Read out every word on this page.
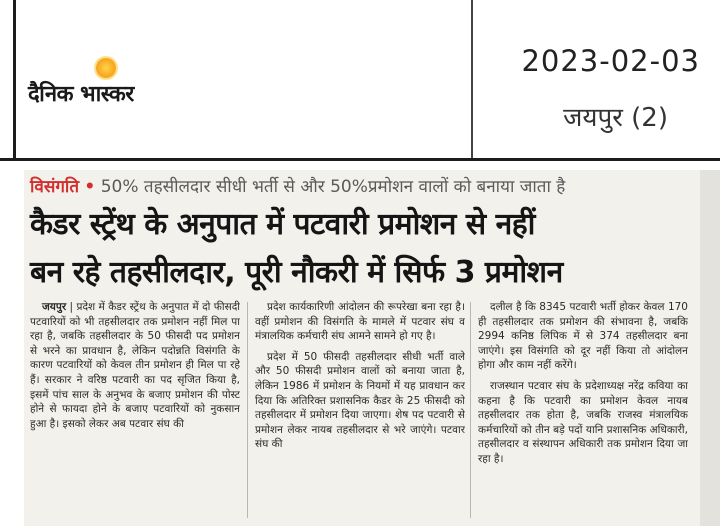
दैनिक भास्कर
2023-02-03
जयपुर (2)
विसंगति • 50% तहसीलदार सीधी भर्ती से और 50%प्रमोशन वालों को बनाया जाता है
कैडर स्ट्रेंथ के अनुपात में पटवारी प्रमोशन से नहीं
बन रहे तहसीलदार, पूरी नौकरी में सिर्फ 3 प्रमोशन

जयपुर | प्रदेश में कैडर स्ट्रेंथ के अनुपात में दो फीसदी पटवारियों को भी तहसीलदार तक प्रमोशन नहीं मिल पा रहा है, जबकि तहसीलदार के 50 फीसदी पद प्रमोशन से भरने का प्रावधान है, लेकिन पदोन्नति विसंगति के कारण पटवारियों को केवल तीन प्रमोशन ही मिल पा रहे हैं। सरकार ने वरिष्ठ पटवारी का पद सृजित किया है, इसमें पांच साल के अनुभव के बजाए प्रमोशन की पोस्ट होने से फायदा होने के बजाए पटवारियों को नुकसान हुआ है। इसको लेकर अब पटवार संघ की

प्रदेश कार्यकारिणी आंदोलन की रूपरेखा बना रहा है। वहीं प्रमोशन की विसंगति के मामले में पटवार संघ व मंत्रालयिक कर्मचारी संघ आमने सामने हो गए है।

प्रदेश में 50 फीसदी तहसीलदार सीधी भर्ती वाले और 50 फीसदी प्रमोशन वालों को बनाया जाता है, लेकिन 1986 में प्रमोशन के नियमों में यह प्रावधान कर दिया कि अतिरिक्त प्रशासनिक कैडर के 25 फीसदी को तहसीलदार में प्रमोशन दिया जाएगा। शेष पद पटवारी से प्रमोशन लेकर नायब तहसीलदार से भरे जाएंगे। पटवार संघ की

दलील है कि 8345 पटवारी भर्ती होकर केवल 170 ही तहसीलदार तक प्रमोशन की संभावना है, जबकि 2994 कनिष्ठ लिपिक में से 374 तहसीलदार बना जाएंगे। इस विसंगति को दूर नहीं किया तो आंदोलन होगा और काम नहीं करेंगे।

राजस्थान पटवार संघ के प्रदेशाध्यक्ष नरेंद्र कविया का कहना है कि पटवारी का प्रमोशन केवल नायब तहसीलदार तक होता है, जबकि राजस्व मंत्रालयिक कर्मचारियों को तीन बड़े पदों यानि प्रशासनिक अधिकारी, तहसीलदार व संस्थापन अधिकारी तक प्रमोशन दिया जा रहा है।
